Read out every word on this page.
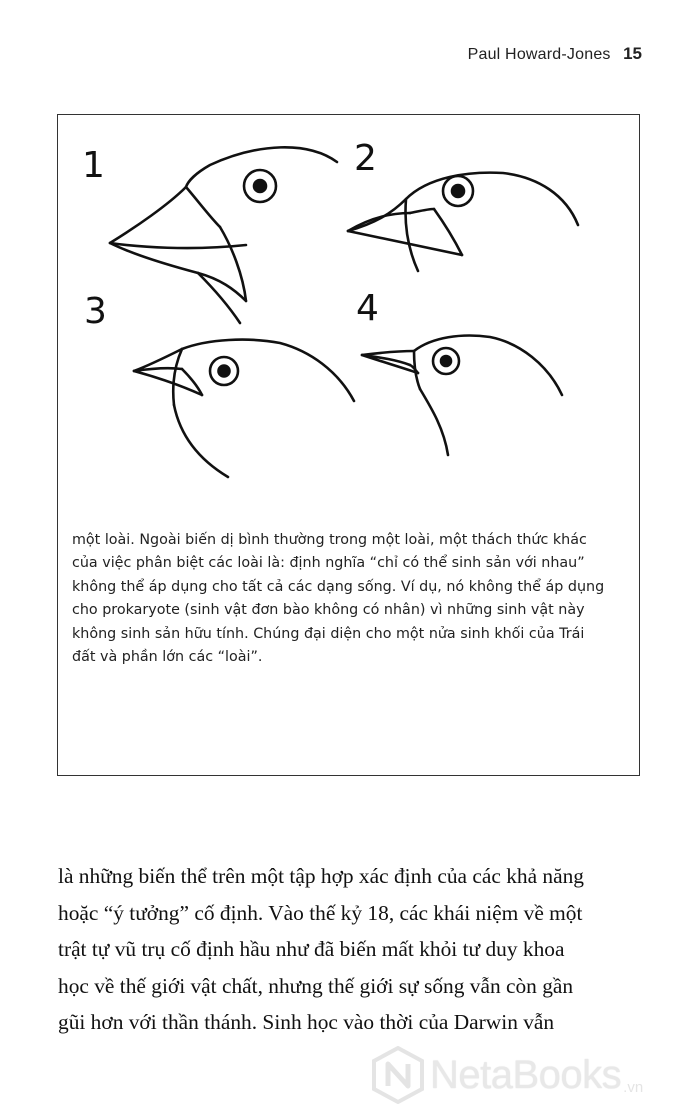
Paul Howard-Jones 15
1	2
3	4
một loài. Ngoài biến dị bình thường trong một loài, một thách thức khác
của việc phân biệt các loài là: định nghĩa “chỉ có thể sinh sản với nhau”
không thể áp dụng cho tất cả các dạng sống. Ví dụ, nó không thể áp dụng
cho prokaryote (sinh vật đơn bào không có nhân) vì những sinh vật này
không sinh sản hữu tính. Chúng đại diện cho một nửa sinh khối của Trái
đất và phần lớn các “loài”.
là những biến thể trên một tập hợp xác định của các khả năng
hoặc “ý tưởng” cố định. Vào thế kỷ 18, các khái niệm về một
trật tự vũ trụ cố định hầu như đã biến mất khỏi tư duy khoa
học về thế giới vật chất, nhưng thế giới sự sống vẫn còn gần
gũi hơn với thần thánh. Sinh học vào thời của Darwin vẫn
NetaBooks .vn
